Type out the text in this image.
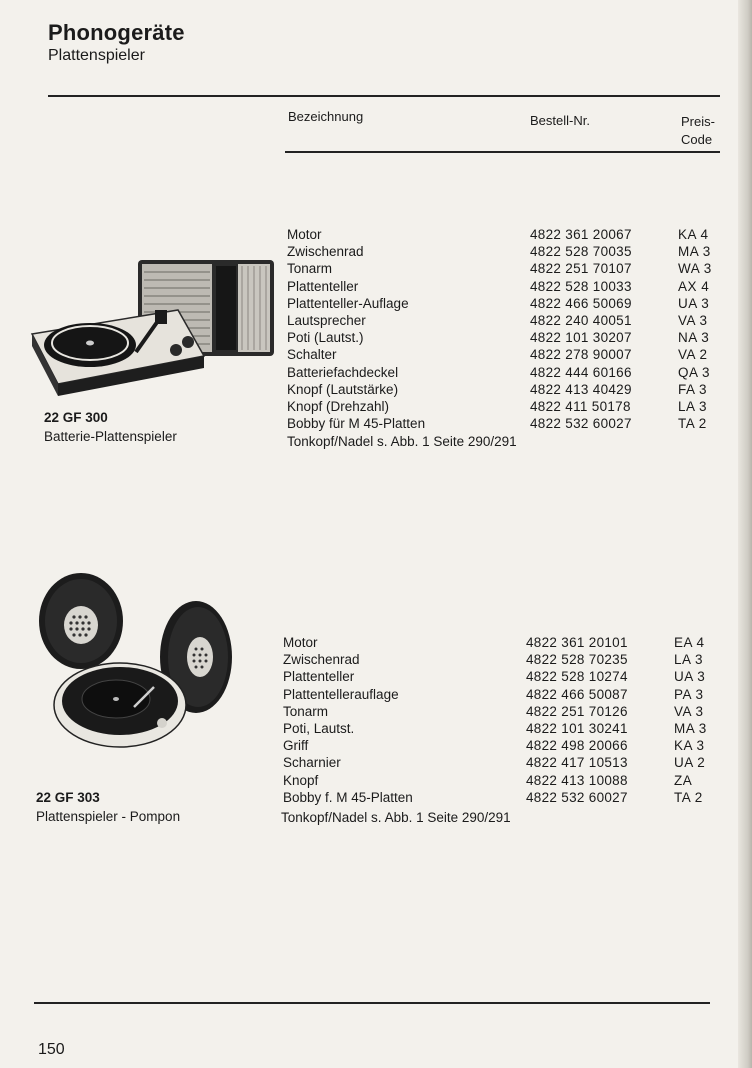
Phonogeräte
Plattenspieler
Bezeichnung	Bestell-Nr.	Preis-
Code
22 GF 300
Batterie-Plattenspieler
Motor	4822 361 20067	KA 4
Zwischenrad	4822 528 70035	MA 3
Tonarm	4822 251 70107	WA 3
Plattenteller	4822 528 10033	AX 4
Plattenteller-Auflage	4822 466 50069	UA 3
Lautsprecher	4822 240 40051	VA 3
Poti (Lautst.)	4822 101 30207	NA 3
Schalter	4822 278 90007	VA 2
Batteriefachdeckel	4822 444 60166	QA 3
Knopf (Lautstärke)	4822 413 40429	FA 3
Knopf (Drehzahl)	4822 411 50178	LA 3
Bobby für M 45-Platten	4822 532 60027	TA 2
Tonkopf/Nadel s. Abb. 1 Seite 290/291
22 GF 303
Plattenspieler - Pompon
Motor	4822 361 20101	EA 4
Zwischenrad	4822 528 70235	LA 3
Plattenteller	4822 528 10274	UA 3
Plattentellerauflage	4822 466 50087	PA 3
Tonarm	4822 251 70126	VA 3
Poti, Lautst.	4822 101 30241	MA 3
Griff	4822 498 20066	KA 3
Scharnier	4822 417 10513	UA 2
Knopf	4822 413 10088	ZA
Bobby f. M 45-Platten	4822 532 60027	TA 2
Tonkopf/Nadel s. Abb. 1 Seite 290/291
150
